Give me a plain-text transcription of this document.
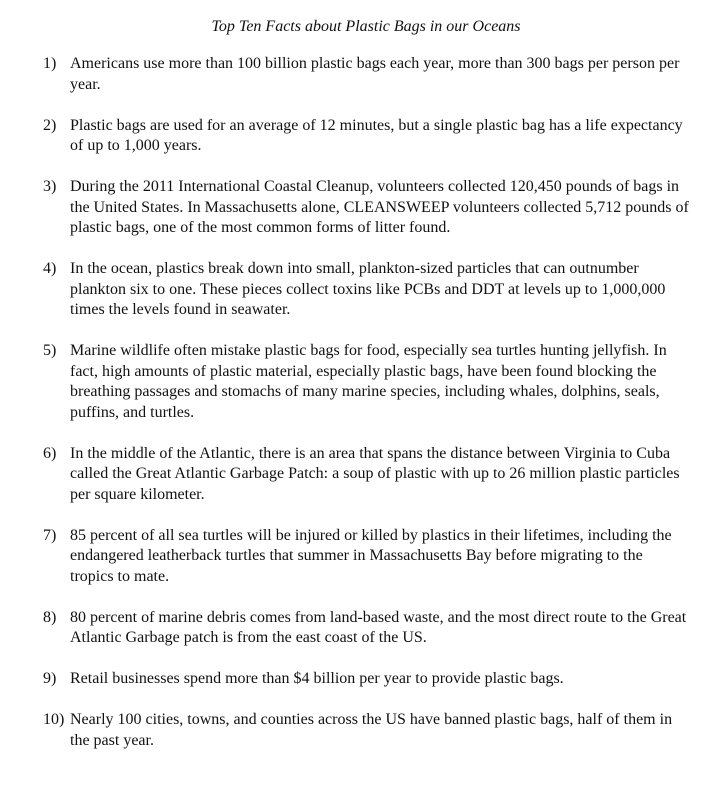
Top Ten Facts about Plastic Bags in our Oceans
1) Americans use more than 100 billion plastic bags each year, more than 300 bags per person per year.
2) Plastic bags are used for an average of 12 minutes, but a single plastic bag has a life expectancy of up to 1,000 years.
3) During the 2011 International Coastal Cleanup, volunteers collected 120,450 pounds of bags in the United States. In Massachusetts alone, CLEANSWEEP volunteers collected 5,712 pounds of plastic bags, one of the most common forms of litter found.
4) In the ocean, plastics break down into small, plankton-sized particles that can outnumber plankton six to one. These pieces collect toxins like PCBs and DDT at levels up to 1,000,000 times the levels found in seawater.
5) Marine wildlife often mistake plastic bags for food, especially sea turtles hunting jellyfish. In fact, high amounts of plastic material, especially plastic bags, have been found blocking the breathing passages and stomachs of many marine species, including whales, dolphins, seals, puffins, and turtles.
6) In the middle of the Atlantic, there is an area that spans the distance between Virginia to Cuba called the Great Atlantic Garbage Patch: a soup of plastic with up to 26 million plastic particles per square kilometer.
7) 85 percent of all sea turtles will be injured or killed by plastics in their lifetimes, including the endangered leatherback turtles that summer in Massachusetts Bay before migrating to the tropics to mate.
8) 80 percent of marine debris comes from land-based waste, and the most direct route to the Great Atlantic Garbage patch is from the east coast of the US.
9) Retail businesses spend more than $4 billion per year to provide plastic bags.
10) Nearly 100 cities, towns, and counties across the US have banned plastic bags, half of them in the past year.
